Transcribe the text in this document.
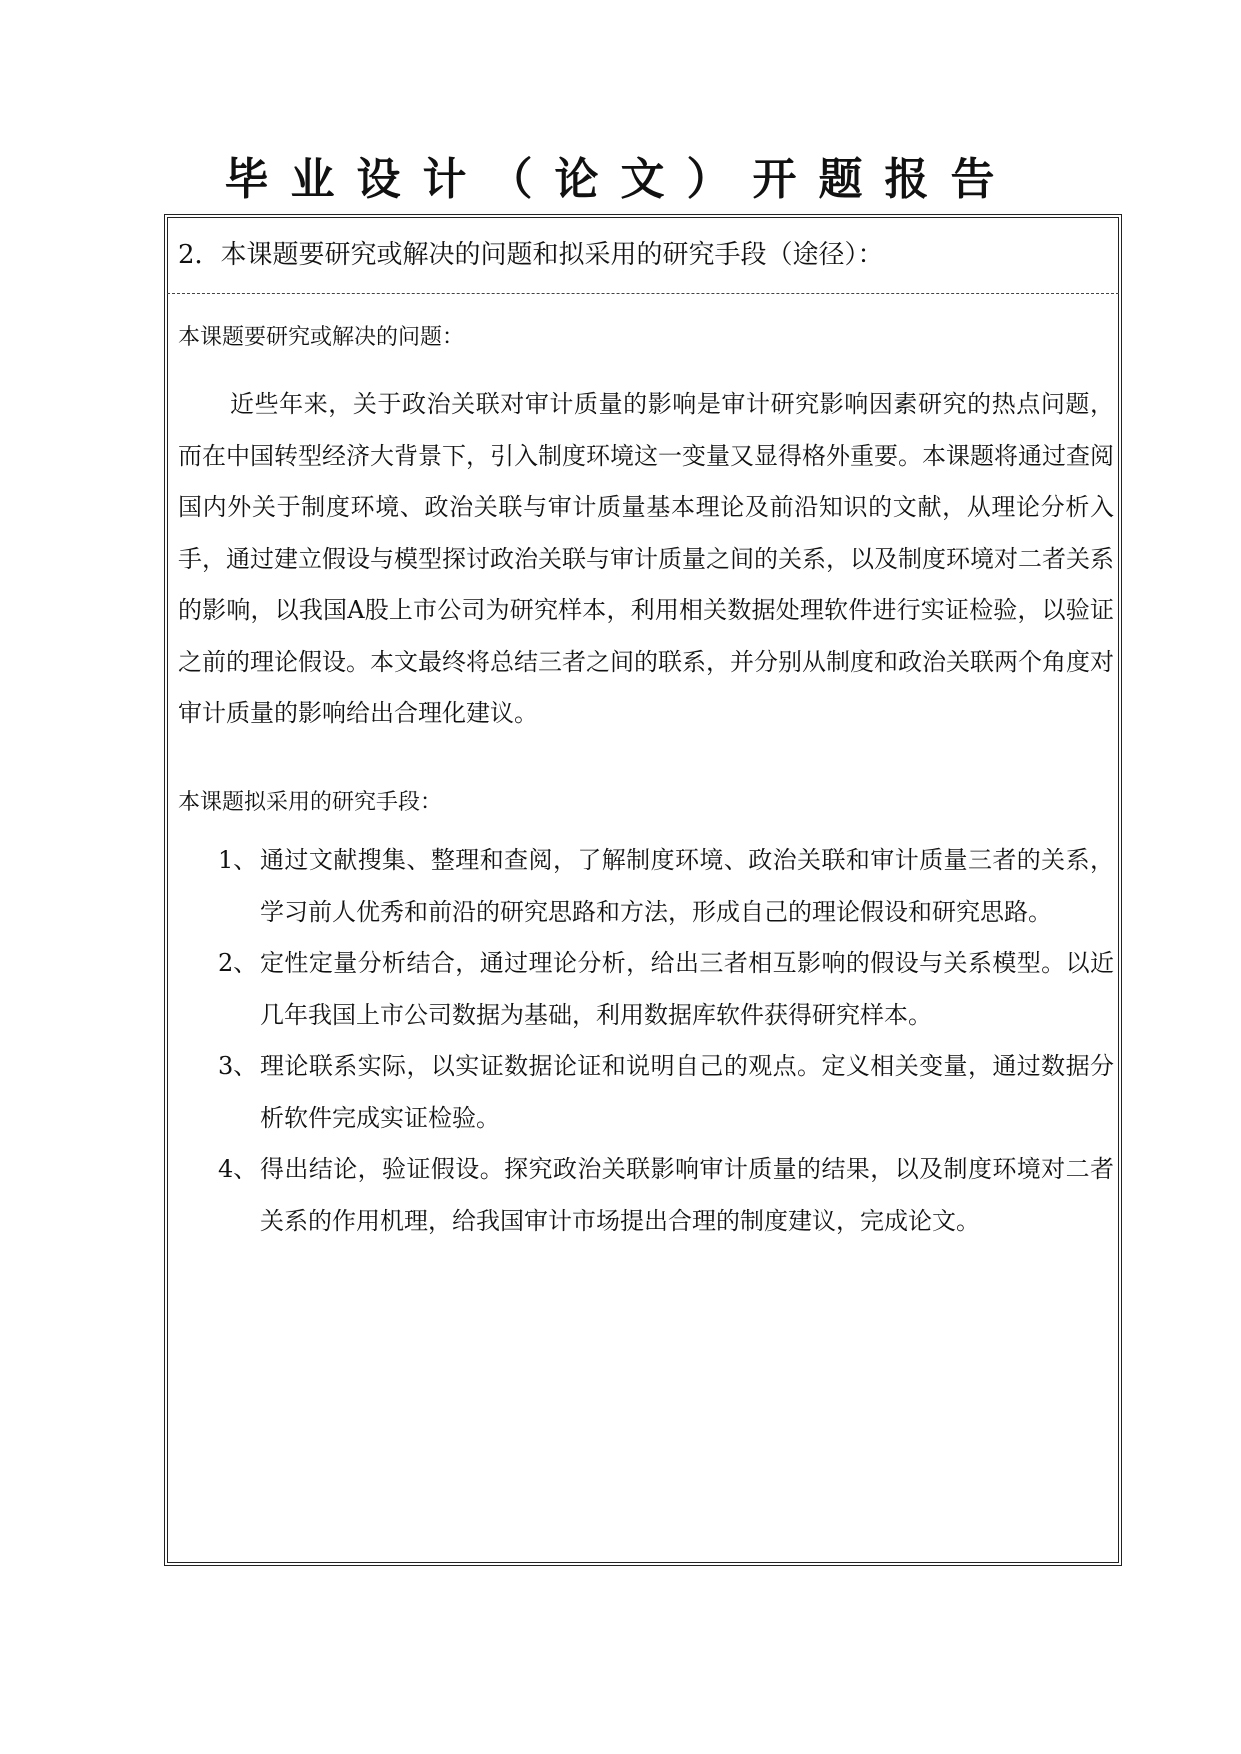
毕业设计（论文）开题报告
2．本课题要研究或解决的问题和拟采用的研究手段（途径）：
本课题要研究或解决的问题：

近些年来，关于政治关联对审计质量的影响是审计研究影响因素研究的热点问题，而在中国转型经济大背景下，引入制度环境这一变量又显得格外重要。本课题将通过查阅国内外关于制度环境、政治关联与审计质量基本理论及前沿知识的文献，从理论分析入手，通过建立假设与模型探讨政治关联与审计质量之间的关系，以及制度环境对二者关系的影响，以我国A股上市公司为研究样本，利用相关数据处理软件进行实证检验，以验证之前的理论假设。本文最终将总结三者之间的联系，并分别从制度和政治关联两个角度对审计质量的影响给出合理化建议。

本课题拟采用的研究手段：
1、 通过文献搜集、整理和查阅，了解制度环境、政治关联和审计质量三者的关系，学习前人优秀和前沿的研究思路和方法，形成自己的理论假设和研究思路。
2、 定性定量分析结合，通过理论分析，给出三者相互影响的假设与关系模型。以近几年我国上市公司数据为基础，利用数据库软件获得研究样本。
3、 理论联系实际，以实证数据论证和说明自己的观点。定义相关变量，通过数据分析软件完成实证检验。
4、 得出结论，验证假设。探究政治关联影响审计质量的结果，以及制度环境对二者关系的作用机理，给我国审计市场提出合理的制度建议，完成论文。
